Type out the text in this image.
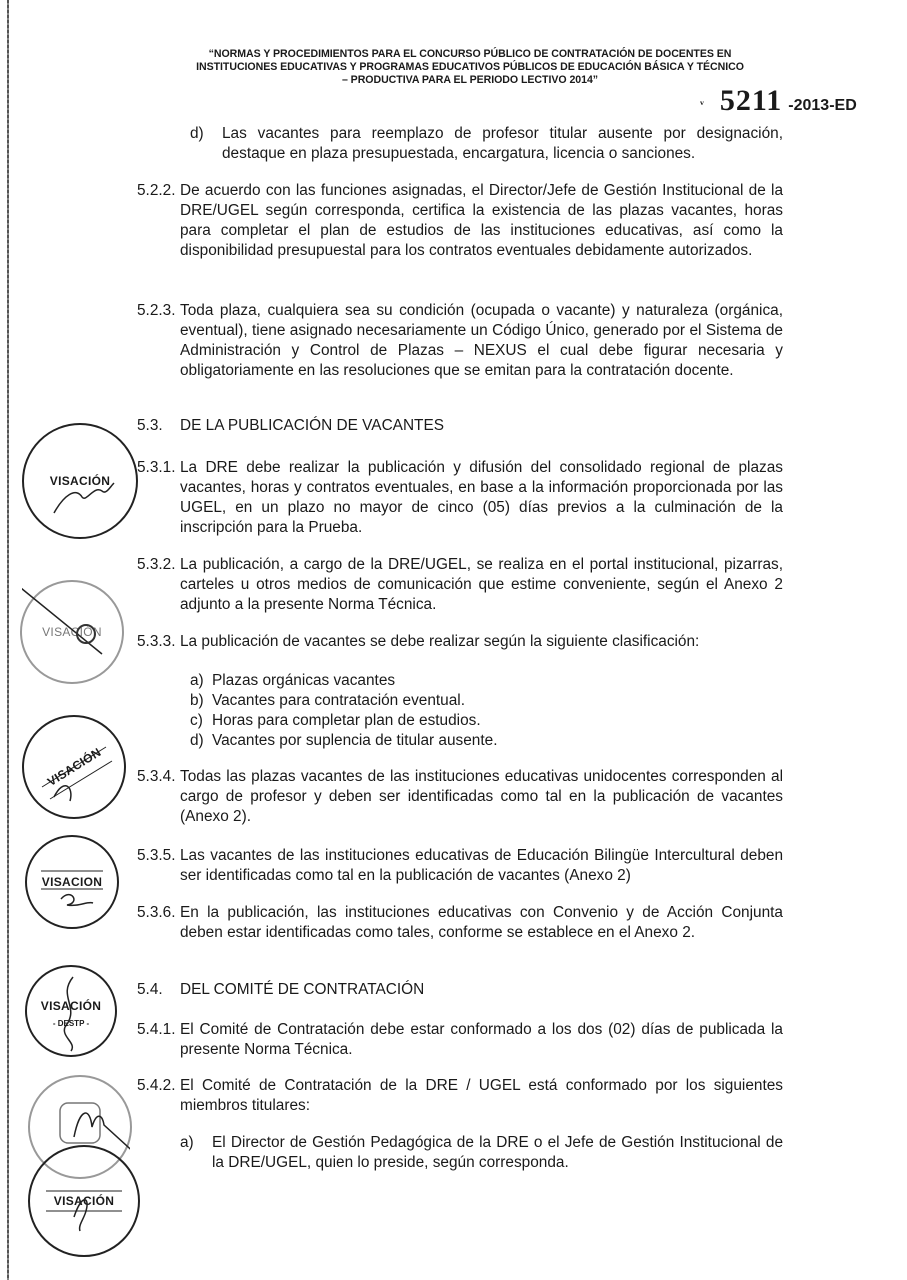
“NORMAS Y PROCEDIMIENTOS PARA EL CONCURSO PÚBLICO DE CONTRATACIÓN DE DOCENTES EN
INSTITUCIONES EDUCATIVAS Y PROGRAMAS EDUCATIVOS PÚBLICOS DE EDUCACIÓN BÁSICA Y TÉCNICO
– PRODUCTIVA PARA EL PERIODO LECTIVO 2014”
$^ᵥ$ 5211 -2013-ED
d) Las vacantes para reemplazo de profesor titular ausente por designación, destaque en plaza presupuestada, encargatura, licencia o sanciones.
5.2.2. De acuerdo con las funciones asignadas, el Director/Jefe de Gestión Institucional de la DRE/UGEL según corresponda, certifica la existencia de las plazas vacantes, horas para completar el plan de estudios de las instituciones educativas, así como la disponibilidad presupuestal para los contratos eventuales debidamente autorizados.
5.2.3. Toda plaza, cualquiera sea su condición (ocupada o vacante) y naturaleza (orgánica, eventual), tiene asignado necesariamente un Código Único, generado por el Sistema de Administración y Control de Plazas – NEXUS el cual debe figurar necesaria y obligatoriamente en las resoluciones que se emitan para la contratación docente.
5.3. DE LA PUBLICACIÓN DE VACANTES
5.3.1. La DRE debe realizar la publicación y difusión del consolidado regional de plazas vacantes, horas y contratos eventuales, en base a la información proporcionada por las UGEL, en un plazo no mayor de cinco (05) días previos a la culminación de la inscripción para la Prueba.
5.3.2. La publicación, a cargo de la DRE/UGEL, se realiza en el portal institucional, pizarras, carteles u otros medios de comunicación que estime conveniente, según el Anexo 2 adjunto a la presente Norma Técnica.
5.3.3. La publicación de vacantes se debe realizar según la siguiente clasificación:
a) Plazas orgánicas vacantes
b) Vacantes para contratación eventual.
c) Horas para completar plan de estudios.
d) Vacantes por suplencia de titular ausente.
5.3.4. Todas las plazas vacantes de las instituciones educativas unidocentes corresponden al cargo de profesor y deben ser identificadas como tal en la publicación de vacantes (Anexo 2).
5.3.5. Las vacantes de las instituciones educativas de Educación Bilingüe Intercultural deben ser identificadas como tal en la publicación de vacantes (Anexo 2)
5.3.6. En la publicación, las instituciones educativas con Convenio y de Acción Conjunta deben estar identificadas como tales, conforme se establece en el Anexo 2.
5.4. DEL COMITÉ DE CONTRATACIÓN
5.4.1. El Comité de Contratación debe estar conformado a los dos (02) días de publicada la presente Norma Técnica.
5.4.2. El Comité de Contratación de la DRE / UGEL está conformado por los siguientes miembros titulares:
a) El Director de Gestión Pedagógica de la DRE o el Jefe de Gestión Institucional de la DRE/UGEL, quien lo preside, según corresponda.
VISACIÓN
VISACIÓN
VISACIÓN
VISACION
VISACIÓN
- DESTP -
VISACIÓN
